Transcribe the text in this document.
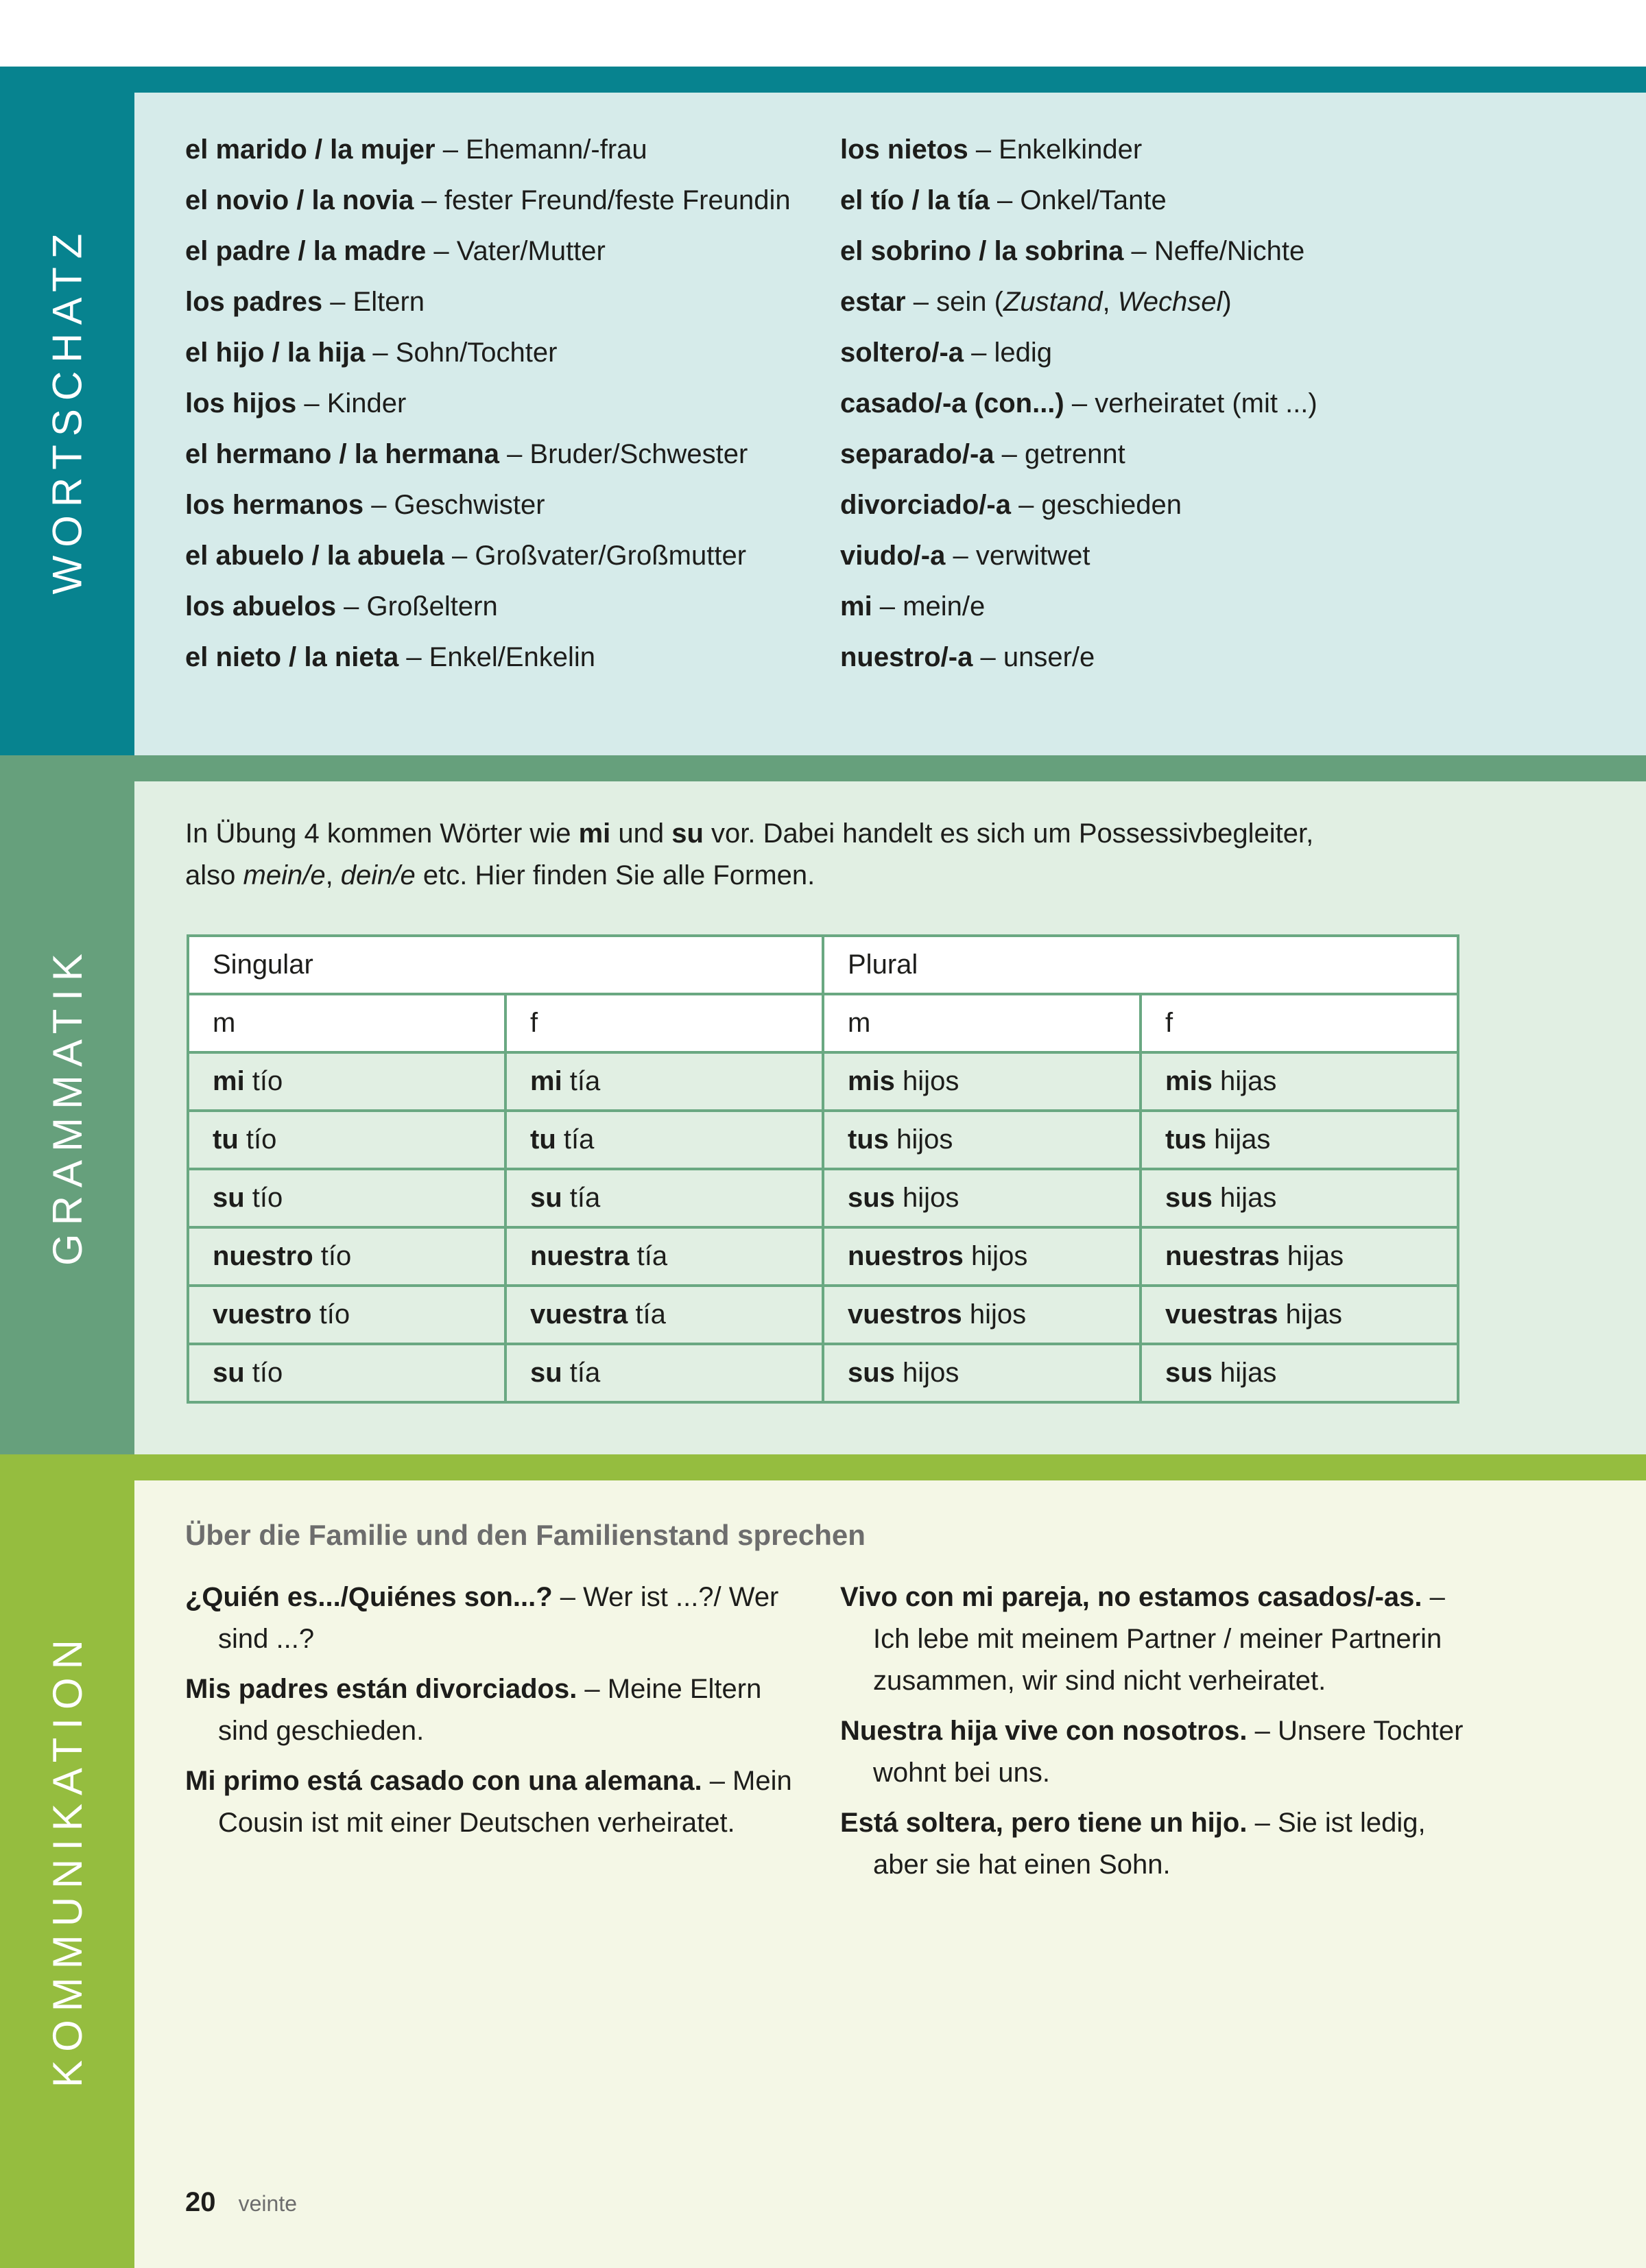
WORTSCHATZ
el marido / la mujer – Ehemann/-frau
el novio / la novia – fester Freund/feste Freundin
el padre / la madre – Vater/Mutter
los padres – Eltern
el hijo / la hija – Sohn/Tochter
los hijos – Kinder
el hermano / la hermana – Bruder/Schwester
los hermanos – Geschwister
el abuelo / la abuela – Großvater/Großmutter
los abuelos – Großeltern
el nieto / la nieta – Enkel/Enkelin
los nietos – Enkelkinder
el tío / la tía – Onkel/Tante
el sobrino / la sobrina – Neffe/Nichte
estar – sein (Zustand, Wechsel)
soltero/-a – ledig
casado/-a (con...) – verheiratet (mit ...)
separado/-a – getrennt
divorciado/-a – geschieden
viudo/-a – verwitwet
mi – mein/e
nuestro/-a – unser/e
GRAMMATIK
In Übung 4 kommen Wörter wie mi und su vor. Dabei handelt es sich um Possessivbegleiter,
also mein/e, dein/e etc. Hier finden Sie alle Formen.
Singular		Plural	
m	f	m	f
mi tío	mi tía	mis hijos	mis hijas
tu tío	tu tía	tus hijos	tus hijas
su tío	su tía	sus hijos	sus hijas
nuestro tío	nuestra tía	nuestros hijos	nuestras hijas
vuestro tío	vuestra tía	vuestros hijos	vuestras hijas
su tío	su tía	sus hijos	sus hijas
KOMMUNIKATION
Über die Familie und den Familienstand sprechen
¿Quién es.../Quiénes son...? – Wer ist ...?/ Wer sind ...?
Mis padres están divorciados. – Meine Eltern sind geschieden.
Mi primo está casado con una alemana. – Mein Cousin ist mit einer Deutschen verheiratet.
Vivo con mi pareja, no estamos casados/-as. – Ich lebe mit meinem Partner / meiner Partnerin zusammen, wir sind nicht verheiratet.
Nuestra hija vive con nosotros. – Unsere Tochter wohnt bei uns.
Está soltera, pero tiene un hijo. – Sie ist ledig, aber sie hat einen Sohn.
20 veinte
